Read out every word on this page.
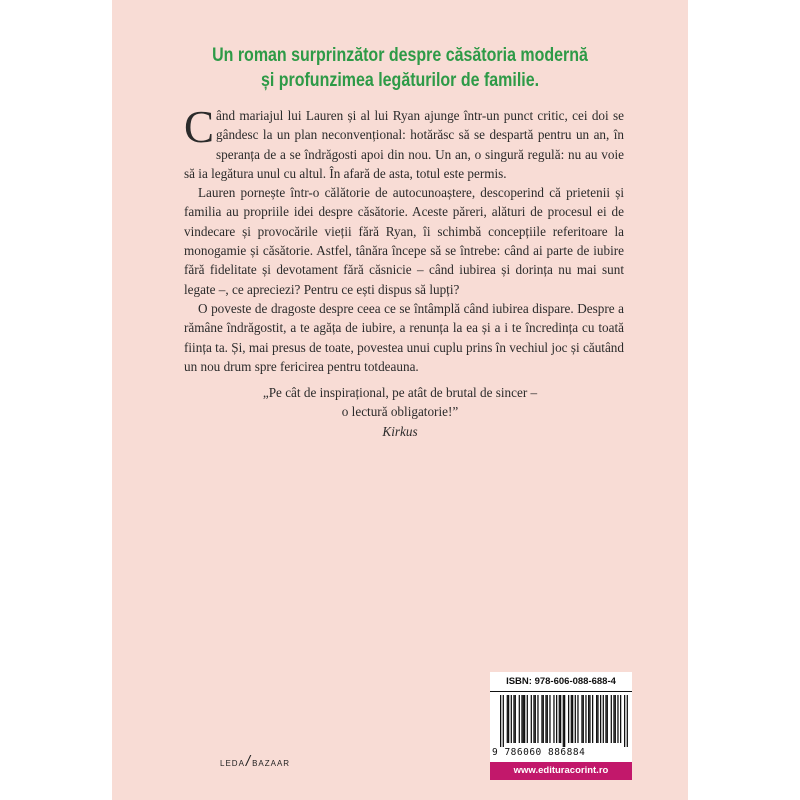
Un roman surprinzător despre căsătoria modernă
și profunzimea legăturilor de familie.

Când mariajul lui Lauren și al lui Ryan ajunge într-un punct critic, cei doi se gândesc la un plan neconvențional: hotărăsc să se despartă pentru un an, în speranța de a se îndrăgosti apoi din nou. Un an, o singură regulă: nu au voie să ia legătura unul cu altul. În afară de asta, totul este permis.

Lauren pornește într-o călătorie de autocunoaștere, descoperind că prietenii și familia au propriile idei despre căsătorie. Aceste păreri, alături de procesul ei de vindecare și provocările vieții fără Ryan, îi schimbă concepțiile referitoare la monogamie și căsătorie. Astfel, tânăra începe să se întrebe: când ai parte de iubire fără fidelitate și devotament fără căsnicie – când iubirea și dorința nu mai sunt legate –, ce apreciezi? Pentru ce ești dispus să lupți?

O poveste de dragoste despre ceea ce se întâmplă când iubirea dispare. Despre a rămâne îndrăgostit, a te agăța de iubire, a renunța la ea și a i te încredința cu toată ființa ta. Și, mai presus de toate, povestea unui cuplu prins în vechiul joc și căutând un nou drum spre fericirea pentru totdeauna.

„Pe cât de inspirațional, pe atât de brutal de sincer –
o lectură obligatorie!”
Kirkus
LEDA / BAZAAR
ISBN: 978-606-088-688-4
9 786060 886884
www.edituracorint.ro
